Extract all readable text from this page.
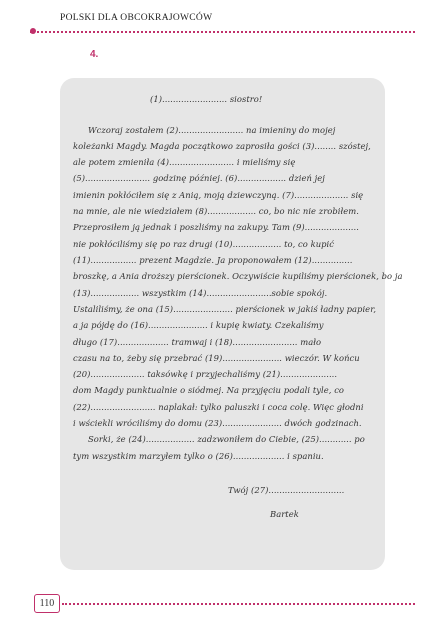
POLSKI DLA OBCOKRAJOWCÓW
4.
(1)........................ siostro!
Wczoraj zostałem (2)........................ na imieniny do mojej
koleżanki Magdy. Magda początkowo zaprosiła gości (3)........ szóstej,
ale potem zmieniła (4)........................ i mieliśmy się
(5)........................ godzinę później. (6).................. dzień jej
imienin pokłóciłem się z Anią, moją dziewczyną. (7).................... się
na mnie, ale nie wiedziałem (8).................. co, bo nic nie zrobiłem.
Przeprosiłem ją jednak i poszliśmy na zakupy. Tam (9)....................
nie pokłóciliśmy się po raz drugi (10).................. to, co kupić
(11)................. prezent Magdzie. Ja proponowałem (12)...............
broszkę, a Ania droższy pierścionek. Oczywiście kupiliśmy pierścionek, bo ja
(13).................. wszystkim (14)........................sobie spokój.
Ustaliliśmy, że ona (15)...................... pierścionek w jakiś ładny papier,
a ja pójdę do (16)...................... i kupię kwiaty. Czekaliśmy
długo (17)................... tramwaj i (18)........................ mało
czasu na to, żeby się przebrać (19)...................... wieczór. W końcu
(20).................... taksówkę i przyjechaliśmy (21).....................
dom Magdy punktualnie o siódmej. Na przyjęciu podali tyle, co
(22)........................ naplakał: tylko paluszki i coca colę. Więc głodni
i wściekli wróciliśmy do domu (23)...................... dwóch godzinach.
Sorki, że (24).................. zadzwoniłem do Ciebie, (25)............ po
tym wszystkim marzyłem tylko o (26)................... i spaniu.
Twój (27)............................
Bartek
110
